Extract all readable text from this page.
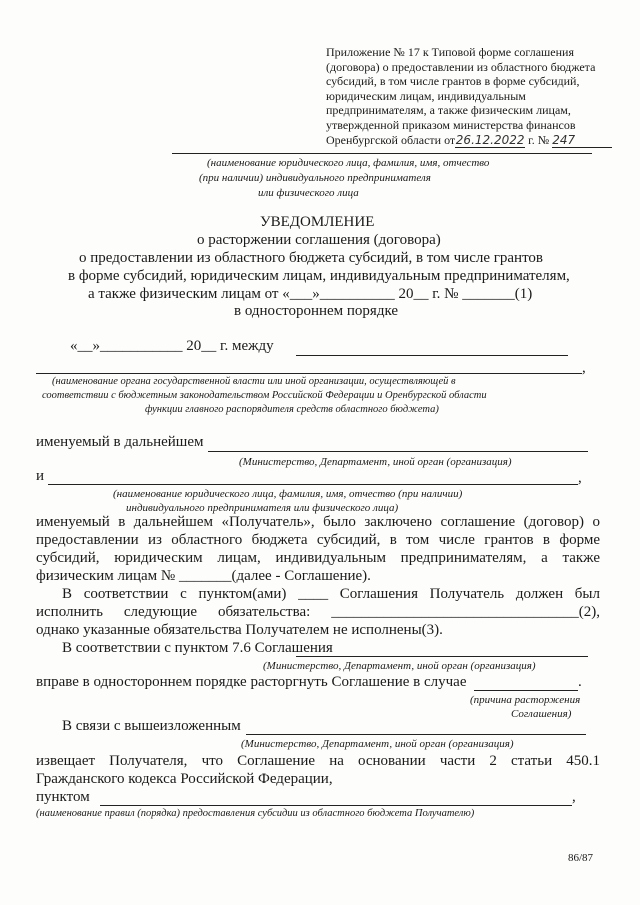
Приложение № 17 к Типовой форме соглашения
(договора) о предоставлении из областного бюджета
субсидий, в том числе грантов в форме субсидий,
юридическим лицам, индивидуальным
предпринимателям, а также физическим лицам,
утвержденной приказом министерства финансов
Оренбургской области от26.12.2022 г. № 247
(наименование юридического лица, фамилия, имя, отчество
(при наличии) индивидуального предпринимателя
или физического лица
УВЕДОМЛЕНИЕ
о расторжении соглашения (договора)
о предоставлении из областного бюджета субсидий, в том числе грантов
в форме субсидий, юридическим лицам, индивидуальным предпринимателям,
а также физическим лицам от «___»__________ 20__ г. № _______(1)
в одностороннем порядке
«__»___________ 20__ г. между
,
(наименование органа государственной власти или иной организации, осуществляющей в
соответствии с бюджетным законодательством Российской Федерации и Оренбургской области
функции главного распорядителя средств областного бюджета)
именуемый в дальнейшем
(Министерство, Департамент, иной орган (организация)
и	,
(наименование юридического лица, фамилия, имя, отчество (при наличии)
индивидуального предпринимателя или физического лица)
именуемый в дальнейшем «Получатель», было заключено соглашение (договор) о
предоставлении из областного бюджета субсидий, в том числе грантов в форме
субсидий, юридическим лицам, индивидуальным предпринимателям, а также
физическим лицам № _______(далее - Соглашение).
В соответствии с пунктом(ами) ____ Соглашения Получатель должен был
исполнить следующие обязательства: _________________________________(2),
однако указанные обязательства Получателем не исполнены(3).
В соответствии с пунктом 7.6 Соглашения
(Министерство, Департамент, иной орган (организация)
вправе в одностороннем порядке расторгнуть Соглашение в случае	.
(причина расторжения
Соглашения)
В связи с вышеизложенным
(Министерство, Департамент, иной орган (организация)
извещает Получателя, что Соглашение на основании части 2 статьи 450.1
Гражданского кодекса Российской Федерации,
пунктом	,
(наименование правил (порядка) предоставления субсидии из областного бюджета Получателю)
86/87
